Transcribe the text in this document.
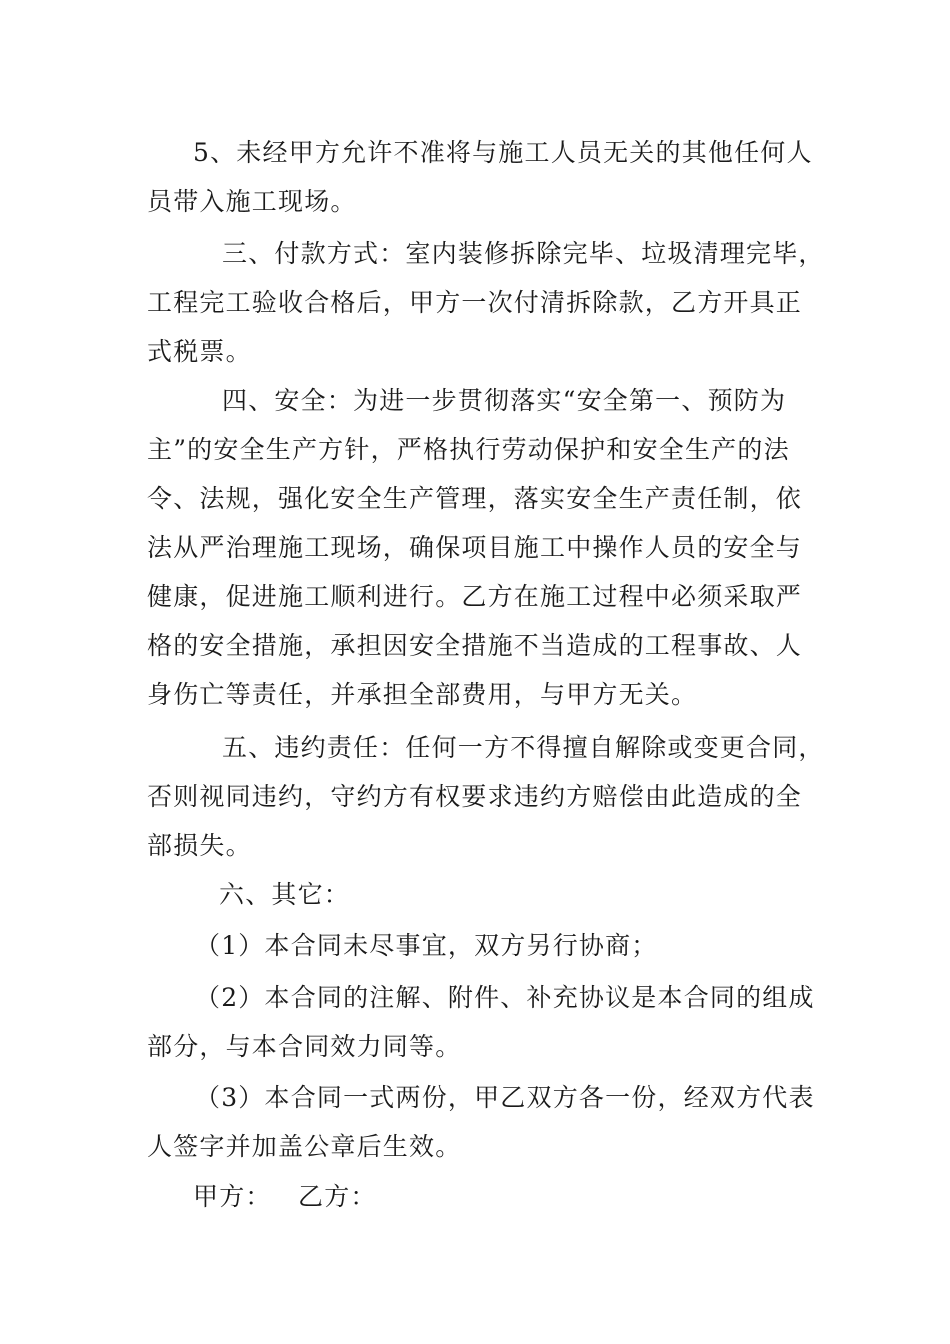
5、未经甲方允许不准将与施工人员无关的其他任何人
员带入施工现场。
三、付款方式：室内装修拆除完毕、垃圾清理完毕，
工程完工验收合格后，甲方一次付清拆除款，乙方开具正
式税票。
四、安全：为进一步贯彻落实“安全第一、预防为
主”的安全生产方针，严格执行劳动保护和安全生产的法
令、法规，强化安全生产管理，落实安全生产责任制，依
法从严治理施工现场，确保项目施工中操作人员的安全与
健康，促进施工顺利进行。乙方在施工过程中必须采取严
格的安全措施，承担因安全措施不当造成的工程事故、人
身伤亡等责任，并承担全部费用，与甲方无关。
五、违约责任：任何一方不得擅自解除或变更合同，
否则视同违约，守约方有权要求违约方赔偿由此造成的全
部损失。
六、其它：
（1）本合同未尽事宜，双方另行协商；
（2）本合同的注解、附件、补充协议是本合同的组成
部分，与本合同效力同等。
（3）本合同一式两份，甲乙双方各一份，经双方代表
人签字并加盖公章后生效。
甲方： 乙方：
